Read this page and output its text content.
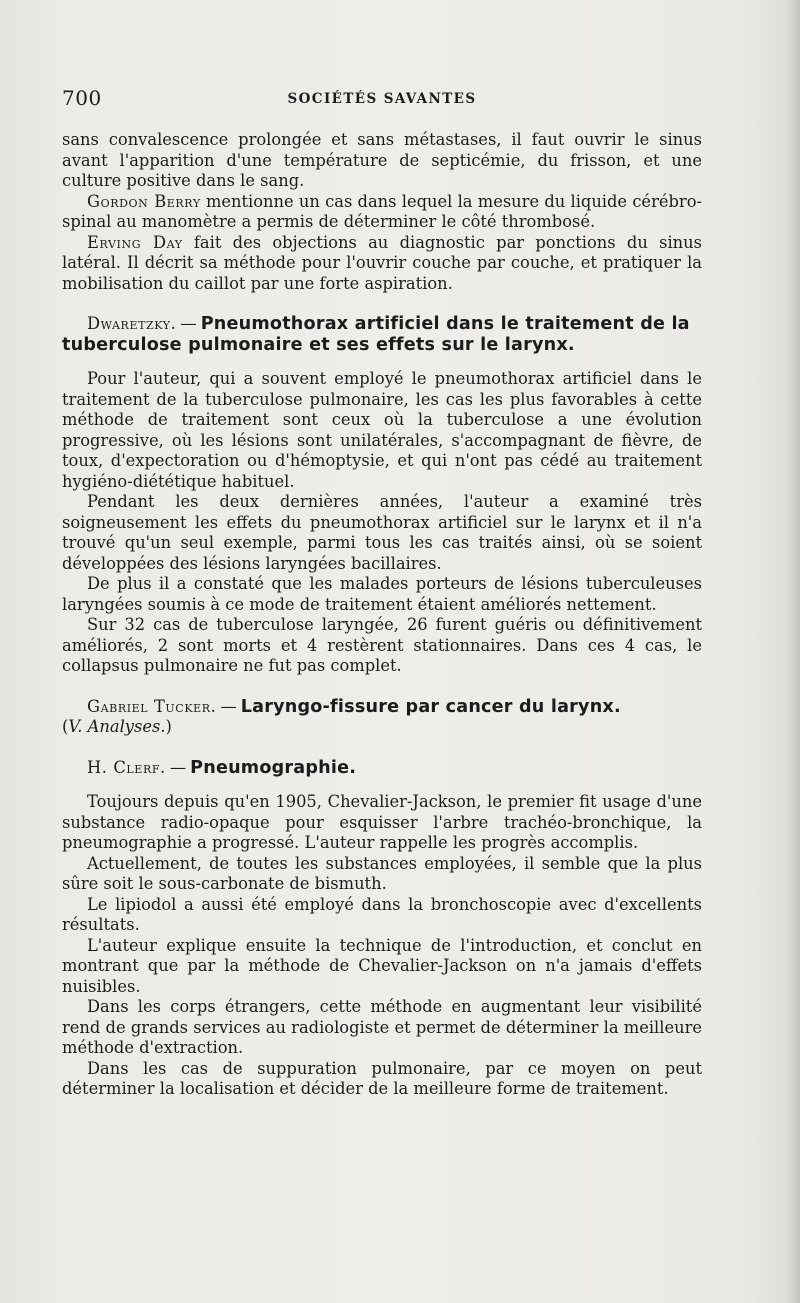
700	SOCIÉTÉS SAVANTES

sans convalescence prolongée et sans métastases, il faut ouvrir le sinus avant l'apparition d'une température de septicémie, du frisson, et une culture positive dans le sang.

Gordon Berry mentionne un cas dans lequel la mesure du liquide cérébro-spinal au manomètre a permis de déterminer le côté thrombosé.

Erving Day fait des objections au diagnostic par ponctions du sinus latéral. Il décrit sa méthode pour l'ouvrir couche par couche, et pratiquer la mobilisation du caillot par une forte aspiration.

Dwaretzky. — Pneumothorax artificiel dans le traitement de la tuberculose pulmonaire et ses effets sur le larynx.

Pour l'auteur, qui a souvent employé le pneumothorax artificiel dans le traitement de la tuberculose pulmonaire, les cas les plus favorables à cette méthode de traitement sont ceux où la tuberculose a une évolution progressive, où les lésions sont unilatérales, s'accompagnant de fièvre, de toux, d'expectoration ou d'hémoptysie, et qui n'ont pas cédé au traitement hygiéno-diététique habituel.

Pendant les deux dernières années, l'auteur a examiné très soigneusement les effets du pneumothorax artificiel sur le larynx et il n'a trouvé qu'un seul exemple, parmi tous les cas traités ainsi, où se soient développées des lésions laryngées bacillaires.

De plus il a constaté que les malades porteurs de lésions tuberculeuses laryngées soumis à ce mode de traitement étaient améliorés nettement.

Sur 32 cas de tuberculose laryngée, 26 furent guéris ou définitivement améliorés, 2 sont morts et 4 restèrent stationnaires. Dans ces 4 cas, le collapsus pulmonaire ne fut pas complet.

Gabriel Tucker. — Laryngo-fissure par cancer du larynx.

(V. Analyses.)

H. Clerf. — Pneumographie.

Toujours depuis qu'en 1905, Chevalier-Jackson, le premier fit usage d'une substance radio-opaque pour esquisser l'arbre trachéo-bronchique, la pneumographie a progressé. L'auteur rappelle les progrès accomplis.

Actuellement, de toutes les substances employées, il semble que la plus sûre soit le sous-carbonate de bismuth.

Le lipiodol a aussi été employé dans la bronchoscopie avec d'excellents résultats.

L'auteur explique ensuite la technique de l'introduction, et conclut en montrant que par la méthode de Chevalier-Jackson on n'a jamais d'effets nuisibles.

Dans les corps étrangers, cette méthode en augmentant leur visibilité rend de grands services au radiologiste et permet de déterminer la meilleure méthode d'extraction.

Dans les cas de suppuration pulmonaire, par ce moyen on peut déterminer la localisation et décider de la meilleure forme de traitement.
